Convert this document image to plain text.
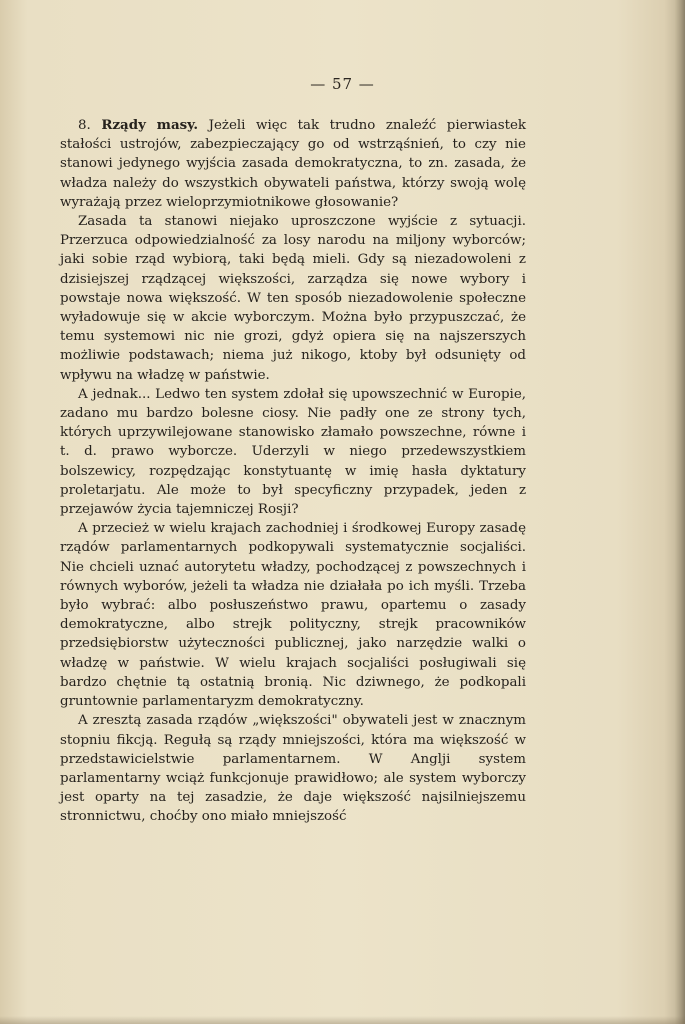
— 57 —

8. Rządy masy. Jeżeli więc tak trudno znaleźć pierwiastek stałości ustrojów, zabezpieczający go od wstrząśnień, to czy nie stanowi jedynego wyjścia zasada demokratyczna, to zn. zasada, że władza należy do wszystkich obywateli państwa, którzy swoją wolę wyrażają przez wieloprzymiotnikowe głosowanie?

Zasada ta stanowi niejako uproszczone wyjście z sytuacji. Przerzuca odpowiedzialność za losy narodu na miljony wyborców; jaki sobie rząd wybiorą, taki będą mieli. Gdy są niezadowoleni z dzisiejszej rządzącej większości, zarządza się nowe wybory i powstaje nowa większość. W ten sposób niezadowolenie społeczne wyładowuje się w akcie wyborczym. Można było przypuszczać, że temu systemowi nic nie grozi, gdyż opiera się na najszerszych możliwie podstawach; niema już nikogo, ktoby był odsunięty od wpływu na władzę w państwie.

A jednak... Ledwo ten system zdołał się upowszechnić w Europie, zadano mu bardzo bolesne ciosy. Nie padły one ze strony tych, których uprzywilejowane stanowisko złamało powszechne, równe i t. d. prawo wyborcze. Uderzyli w niego przedewszystkiem bolszewicy, rozpędzając konstytuantę w imię hasła dyktatury proletarjatu. Ale może to był specyficzny przypadek, jeden z przejawów życia tajemniczej Rosji?

A przecież w wielu krajach zachodniej i środkowej Europy zasadę rządów parlamentarnych podkopywali systematycznie socjaliści. Nie chcieli uznać autorytetu władzy, pochodzącej z powszechnych i równych wyborów, jeżeli ta władza nie działała po ich myśli. Trzeba było wybrać: albo posłuszeństwo prawu, opartemu o zasady demokratyczne, albo strejk polityczny, strejk pracowników przedsiębiorstw użyteczności publicznej, jako narzędzie walki o władzę w państwie. W wielu krajach socjaliści posługiwali się bardzo chętnie tą ostatnią bronią. Nic dziwnego, że podkopali gruntownie parlamentaryzm demokratyczny.

A zresztą zasada rządów „większości" obywateli jest w znacznym stopniu fikcją. Regułą są rządy mniejszości, która ma większość w przedstawicielstwie parlamentarnem. W Anglji system parlamentarny wciąż funkcjonuje prawidłowo; ale system wyborczy jest oparty na tej zasadzie, że daje większość najsilniejszemu stronnictwu, choćby ono miało mniejszość
